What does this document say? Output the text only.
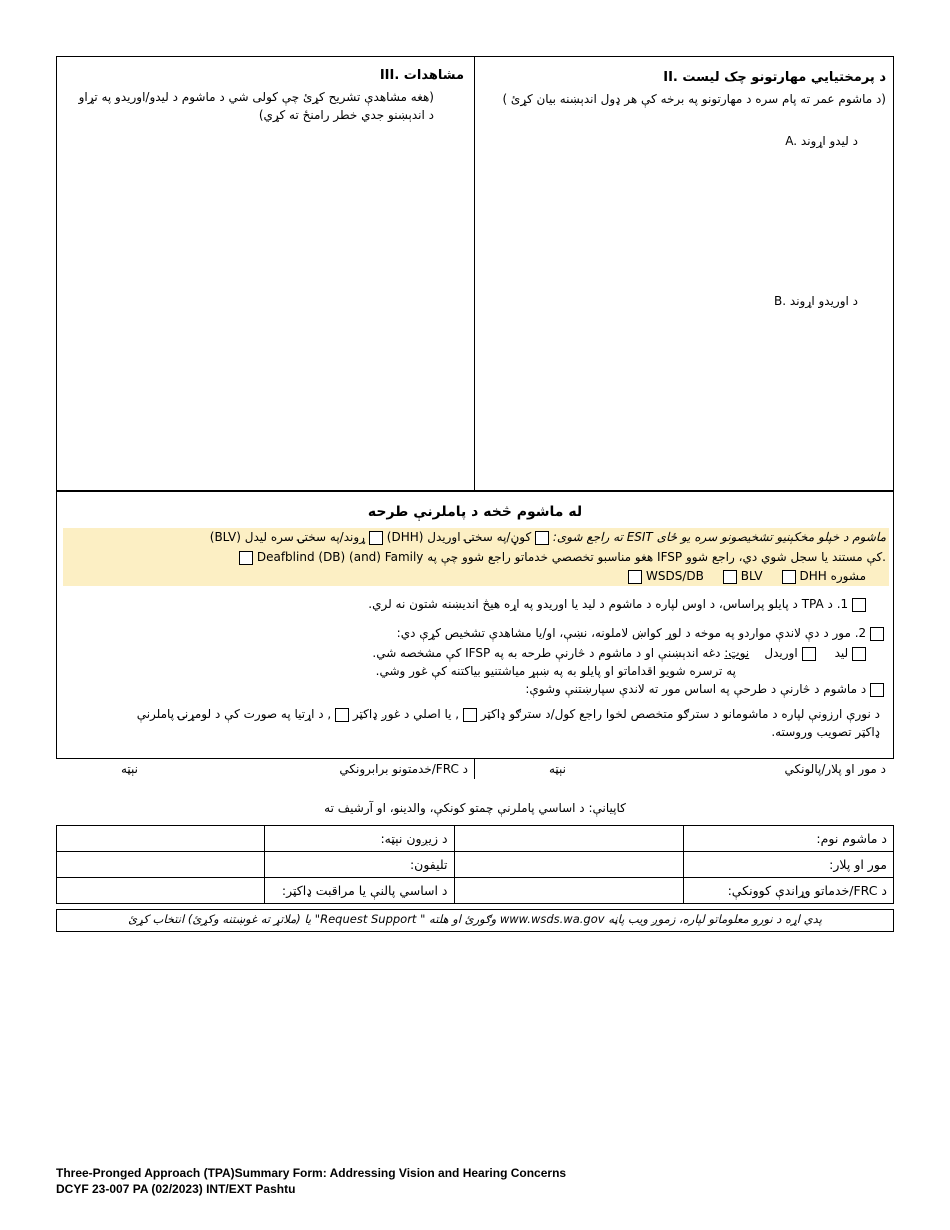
II. د پرمختیایي مهارتونو چک لیست
(د ماشوم عمر ته پام سره د مهارتونو په برخه کې هر ډول اندېښنه بیان کړئ )
A. د لیدو اړوند
B. د اوریدو اړوند
III. مشاهدات
(هغه مشاهدې تشریح کړئ چې کولی شي د ماشوم د لیدو/اوریدو په تړاو د اندېښنو جدي خطر رامنځ ته کړي)
له ماشوم څخه د پاملرنې طرحه
ماشوم د خپلو مخکېنیو تشخیصونو سره یو ځای ESIT ته راجع شوی:  کوڼ/په سختۍ اوریدل (DHH)  ړوند/په سختۍ سره لیدل (BLV)
Deafblind (DB) (and) Family هغو مناسبو تخصصي خدماتو راجع شوو چې په IFSP کې مستند یا سجل شوي دي، راجع شوو.
WSDS/DB	BLV	DHH مشوره
1. د TPA د پایلو پراساس، د اوس لپاره د ماشوم د لید یا اوریدو په اړه هیڅ اندیښنه شتون نه لري.
2. مور د دې لاندې مواردو په موخه د لوړ کواښ لاملونه، نښې، او/یا مشاهدې تشخیص کړې دي:
لید      اوریدل    نوټ: دغه اندېښنې او د ماشوم د څارنې طرحه به په IFSP کې مشخصه شي.
په ترسره شویو اقداماتو او پایلو به په ښېړ میاشتنیو بیاکتنه کې غور وشي.
د ماشوم د څارنې د طرحې په اساس مور ته لاندې سپارښتنې وشوې:
د نورې ارزونې لپاره د ماشومانو د سترګو متخصص لخوا راجع کول/د سترګو ډاکټر  , یا اصلي د غوږ ډاکټر  , د اړتیا په صورت کې د لومړنۍ پاملرنې
ډاکټر تصویب وروسته.
د مور او پلار/پالونکي
نېټه
د FRC/خدمتونو برابرونکي
نېټه
کاپیانې: د اساسي پاملرنې چمتو کونکې، والدینو، او آرشیف ته
	د زیږون نېټه:		د ماشوم نوم:
	تلیفون:		مور او پلار:
	د اساسي پالنې یا مراقبت ډاکټر:		د FRC/خدماتو وړاندې کوونکې:
پدې اړه د نورو معلوماتو لپاره، زموږ ویب پاڼه www.wsds.wa.gov وګورئ او هلته " Request Support" یا (ملاتړ ته غوښتنه وکړئ) انتخاب کړئ
Three-Pronged Approach (TPA)Summary Form: Addressing Vision and Hearing Concerns
DCYF 23-007 PA (02/2023) INT/EXT Pashtu
